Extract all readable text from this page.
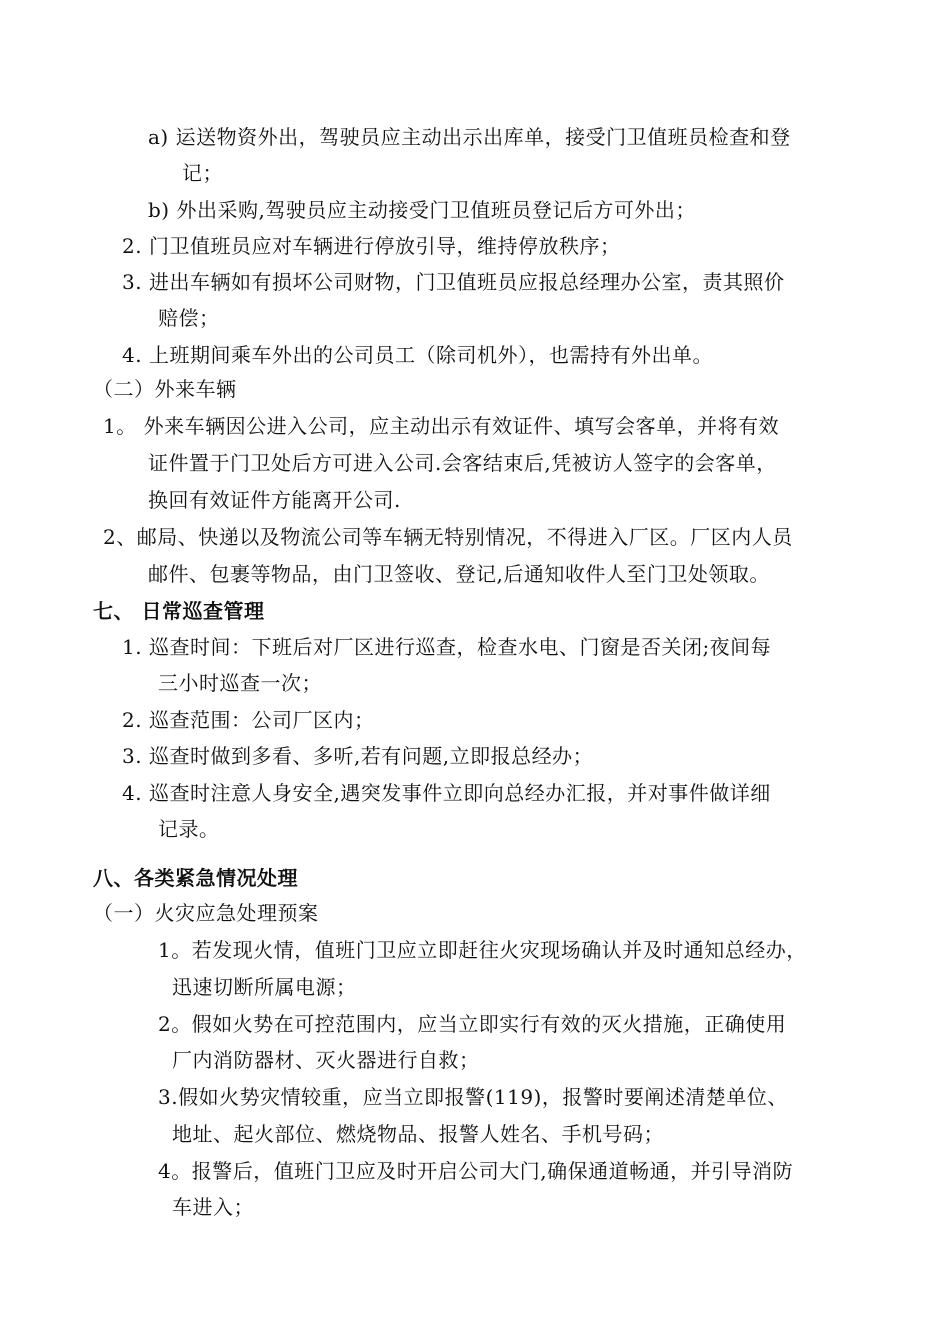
a) 运送物资外出，驾驶员应主动出示出库单，接受门卫值班员检查和登
记；
b) 外出采购,驾驶员应主动接受门卫值班员登记后方可外出；
2. 门卫值班员应对车辆进行停放引导，维持停放秩序；
3. 进出车辆如有损坏公司财物，门卫值班员应报总经理办公室，责其照价
赔偿；
4. 上班期间乘车外出的公司员工（除司机外），也需持有外出单。
（二）外来车辆
1。 外来车辆因公进入公司，应主动出示有效证件、填写会客单，并将有效
证件置于门卫处后方可进入公司.会客结束后,凭被访人签字的会客单，
换回有效证件方能离开公司.
2、邮局、快递以及物流公司等车辆无特别情况，不得进入厂区。厂区内人员
邮件、包裹等物品，由门卫签收、登记,后通知收件人至门卫处领取。
七、 日常巡查管理
1. 巡查时间：下班后对厂区进行巡查，检查水电、门窗是否关闭;夜间每
三小时巡查一次；
2. 巡查范围：公司厂区内；
3. 巡查时做到多看、多听,若有问题,立即报总经办；
4. 巡查时注意人身安全,遇突发事件立即向总经办汇报，并对事件做详细
记录。
八、各类紧急情况处理
（一）火灾应急处理预案
1。若发现火情，值班门卫应立即赶往火灾现场确认并及时通知总经办，
迅速切断所属电源；
2。假如火势在可控范围内，应当立即实行有效的灭火措施，正确使用
厂内消防器材、灭火器进行自救；
3.假如火势灾情较重，应当立即报警(119)，报警时要阐述清楚单位、
地址、起火部位、燃烧物品、报警人姓名、手机号码；
4。报警后，值班门卫应及时开启公司大门,确保通道畅通，并引导消防
车进入；
